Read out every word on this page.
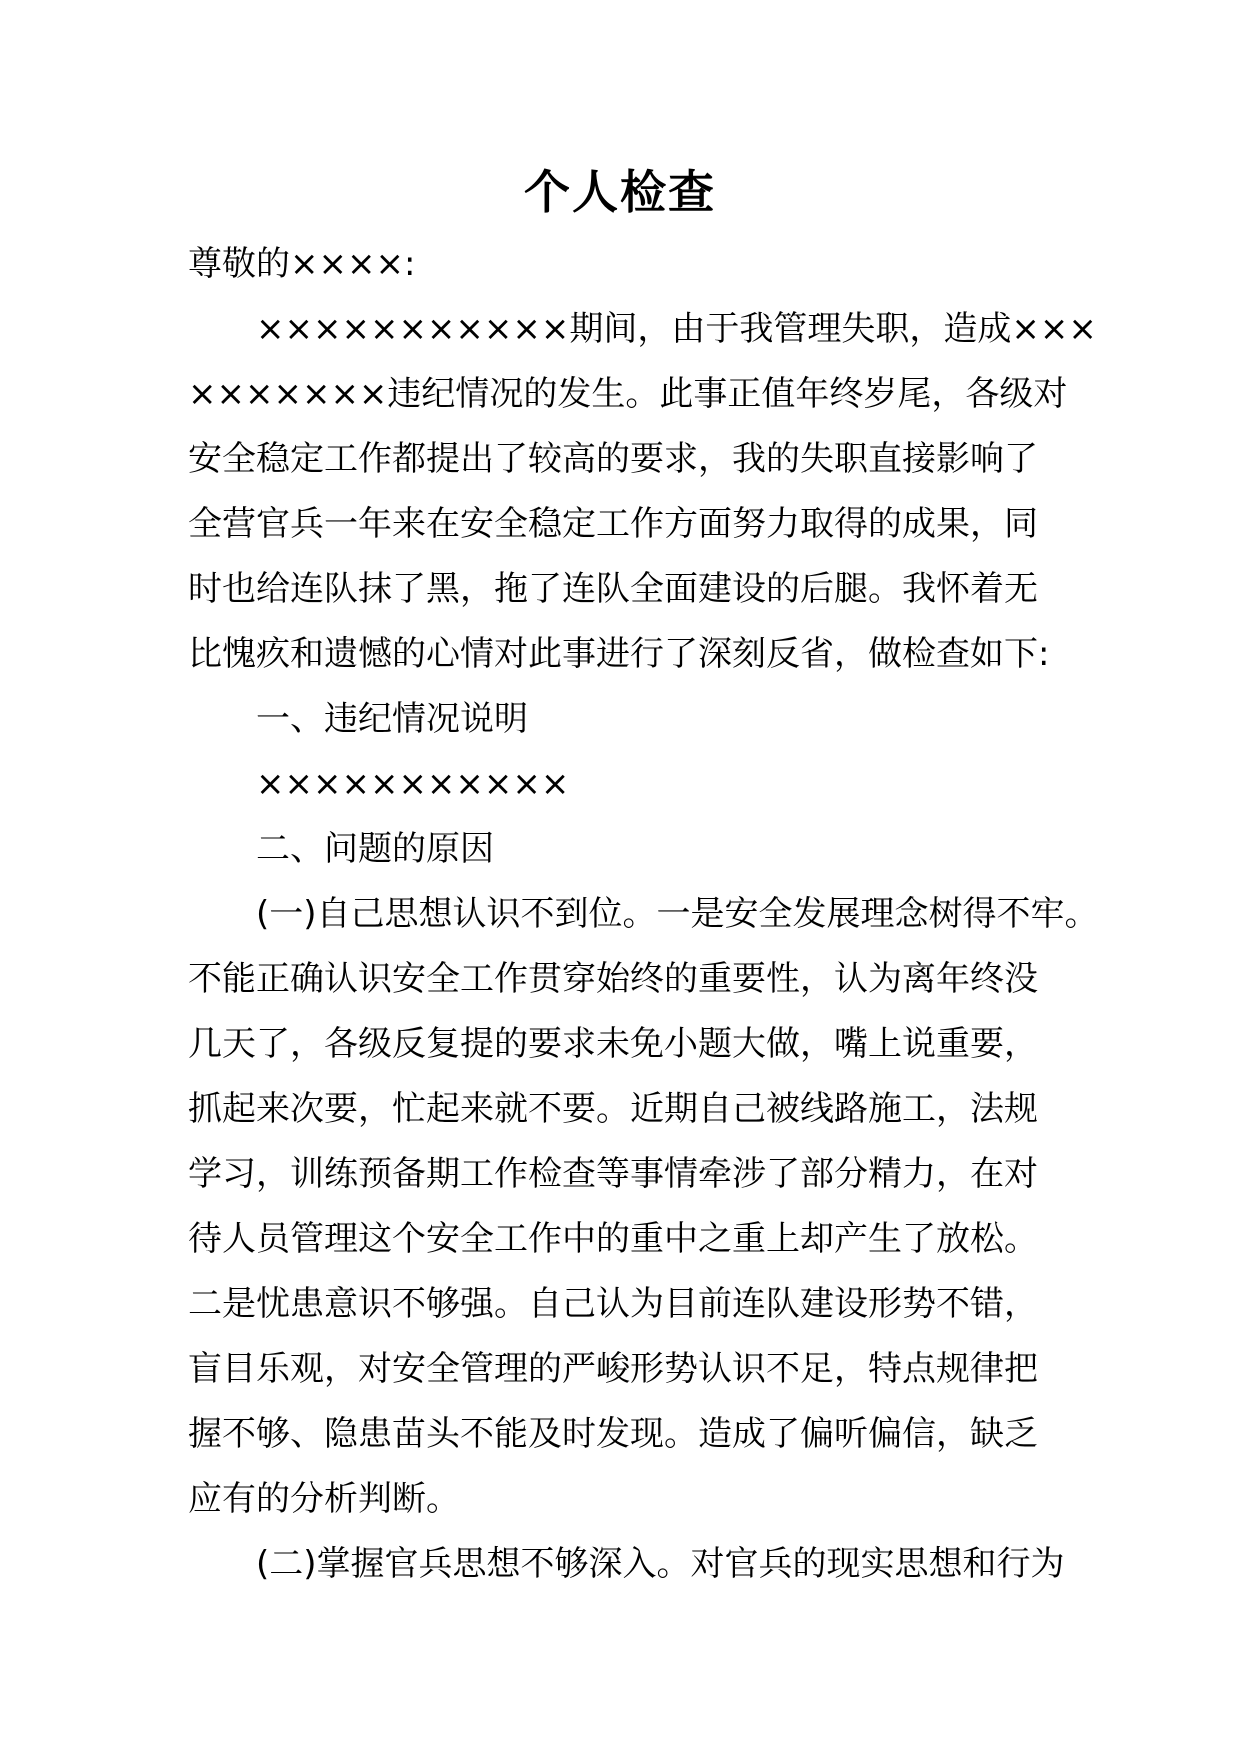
个人检查
尊敬的××××:
×××××××××××期间，由于我管理失职，造成×××
×××××××违纪情况的发生。此事正值年终岁尾，各级对
安全稳定工作都提出了较高的要求，我的失职直接影响了
全营官兵一年来在安全稳定工作方面努力取得的成果，同
时也给连队抹了黑，拖了连队全面建设的后腿。我怀着无
比愧疚和遗憾的心情对此事进行了深刻反省，做检查如下:
一、违纪情况说明
×××××××××××
二、问题的原因
(一)自己思想认识不到位。一是安全发展理念树得不牢。
不能正确认识安全工作贯穿始终的重要性，认为离年终没
几天了，各级反复提的要求未免小题大做，嘴上说重要，
抓起来次要，忙起来就不要。近期自己被线路施工，法规
学习，训练预备期工作检查等事情牵涉了部分精力，在对
待人员管理这个安全工作中的重中之重上却产生了放松。
二是忧患意识不够强。自己认为目前连队建设形势不错，
盲目乐观，对安全管理的严峻形势认识不足，特点规律把
握不够、隐患苗头不能及时发现。造成了偏听偏信，缺乏
应有的分析判断。
(二)掌握官兵思想不够深入。对官兵的现实思想和行为
